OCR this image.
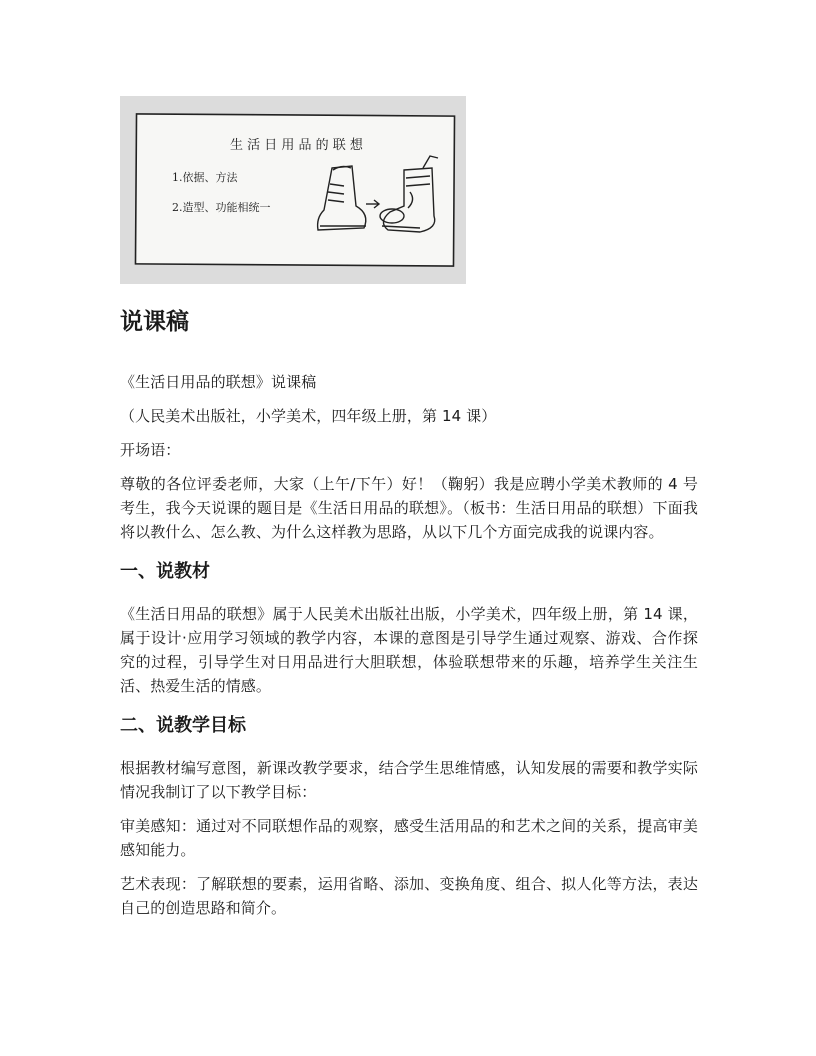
生 活 日 用 品 的 联 想
1.依据、方法
2.造型、功能相统一
说课稿

《生活日用品的联想》说课稿

（人民美术出版社，小学美术，四年级上册，第 14 课）

开场语：

尊敬的各位评委老师，大家（上午/下午）好！（鞠躬）我是应聘小学美术教师的 4 号考生，我今天说课的题目是《生活日用品的联想》。（板书：生活日用品的联想）下面我将以教什么、怎么教、为什么这样教为思路，从以下几个方面完成我的说课内容。

一、说教材

《生活日用品的联想》属于人民美术出版社出版，小学美术，四年级上册，第 14 课，属于设计·应用学习领域的教学内容，本课的意图是引导学生通过观察、游戏、合作探究的过程，引导学生对日用品进行大胆联想，体验联想带来的乐趣，培养学生关注生活、热爱生活的情感。

二、说教学目标

根据教材编写意图，新课改教学要求，结合学生思维情感，认知发展的需要和教学实际情况我制订了以下教学目标：

审美感知：通过对不同联想作品的观察，感受生活用品的和艺术之间的关系，提高审美感知能力。

艺术表现：了解联想的要素，运用省略、添加、变换角度、组合、拟人化等方法，表达自己的创造思路和简介。
